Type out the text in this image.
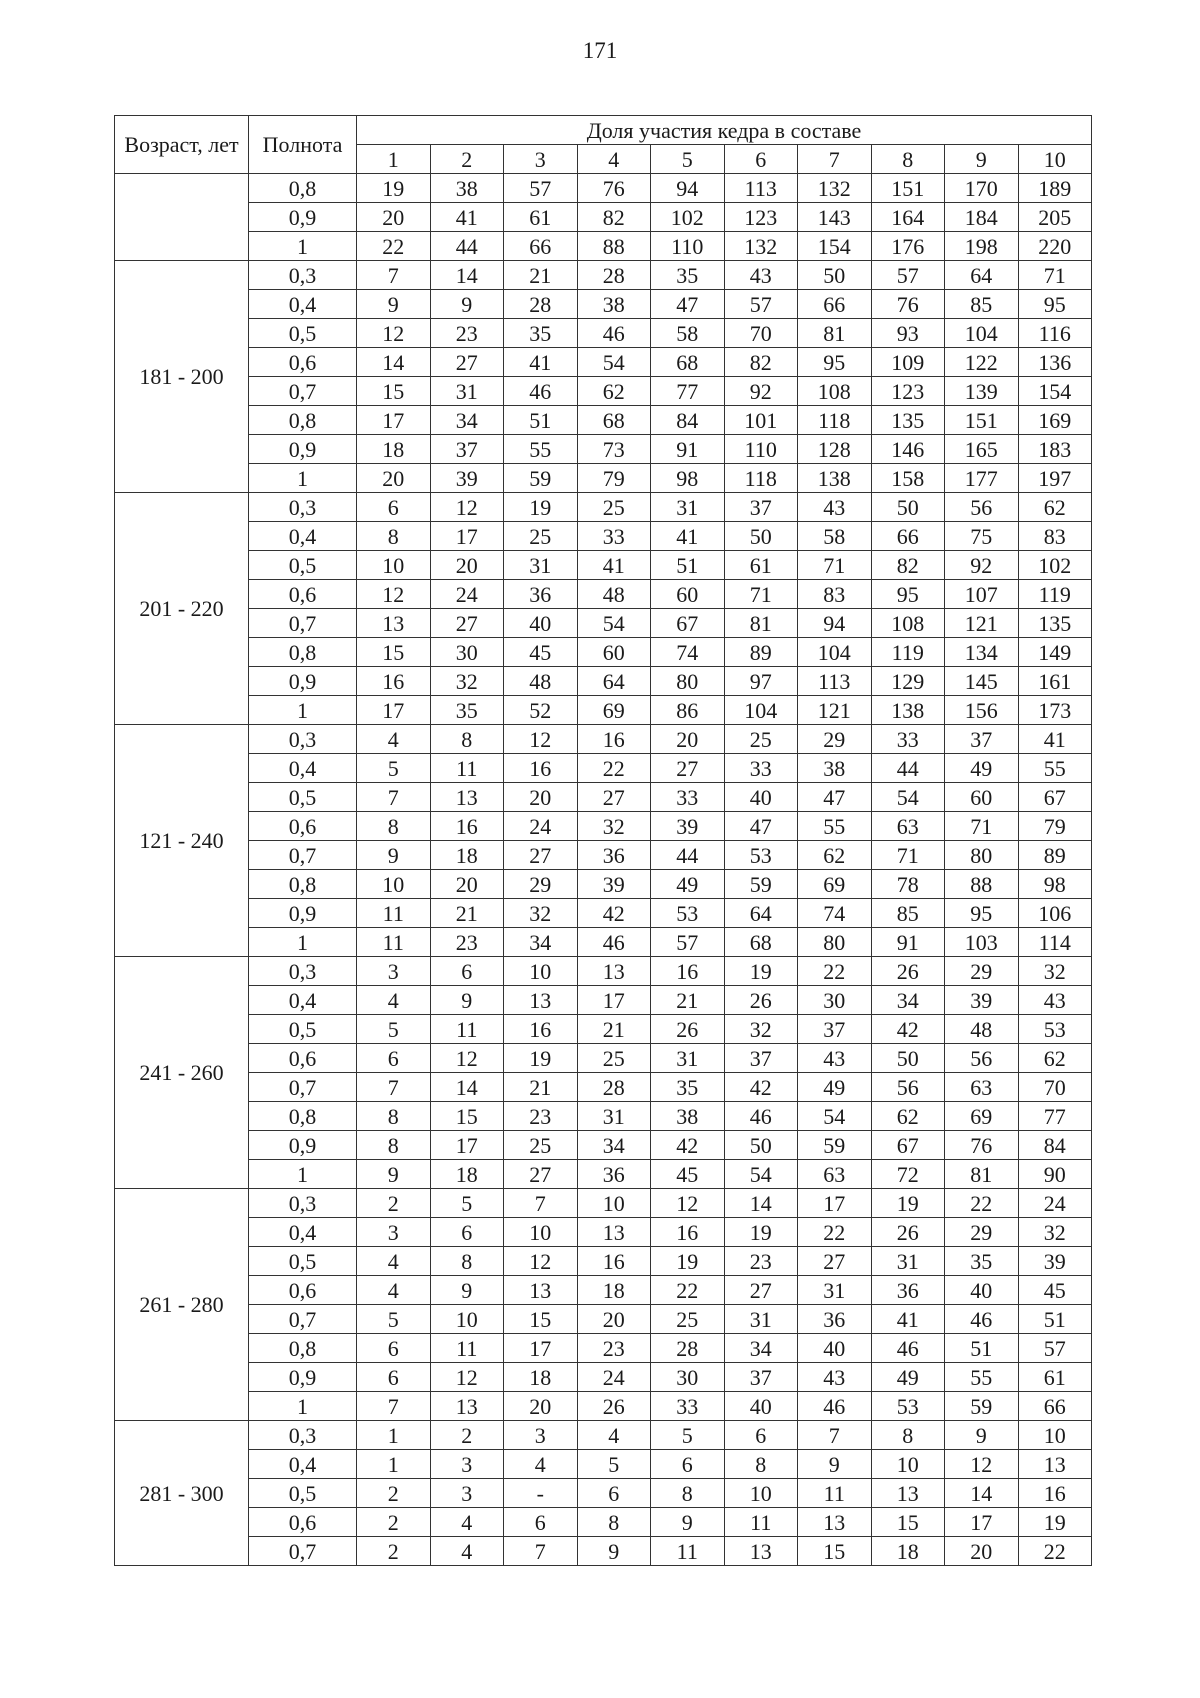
171
Возраст, лет	Полнота	Доля участия кедра в составе									
		1	2	3	4	5	6	7	8	9	10
	0,8	19	38	57	76	94	113	132	151	170	189
	0,9	20	41	61	82	102	123	143	164	184	205
	1	22	44	66	88	110	132	154	176	198	220
181 - 200	0,3	7	14	21	28	35	43	50	57	64	71
	0,4	9	9	28	38	47	57	66	76	85	95
	0,5	12	23	35	46	58	70	81	93	104	116
	0,6	14	27	41	54	68	82	95	109	122	136
	0,7	15	31	46	62	77	92	108	123	139	154
	0,8	17	34	51	68	84	101	118	135	151	169
	0,9	18	37	55	73	91	110	128	146	165	183
	1	20	39	59	79	98	118	138	158	177	197
201 - 220	0,3	6	12	19	25	31	37	43	50	56	62
	0,4	8	17	25	33	41	50	58	66	75	83
	0,5	10	20	31	41	51	61	71	82	92	102
	0,6	12	24	36	48	60	71	83	95	107	119
	0,7	13	27	40	54	67	81	94	108	121	135
	0,8	15	30	45	60	74	89	104	119	134	149
	0,9	16	32	48	64	80	97	113	129	145	161
	1	17	35	52	69	86	104	121	138	156	173
121 - 240	0,3	4	8	12	16	20	25	29	33	37	41
	0,4	5	11	16	22	27	33	38	44	49	55
	0,5	7	13	20	27	33	40	47	54	60	67
	0,6	8	16	24	32	39	47	55	63	71	79
	0,7	9	18	27	36	44	53	62	71	80	89
	0,8	10	20	29	39	49	59	69	78	88	98
	0,9	11	21	32	42	53	64	74	85	95	106
	1	11	23	34	46	57	68	80	91	103	114
241 - 260	0,3	3	6	10	13	16	19	22	26	29	32
	0,4	4	9	13	17	21	26	30	34	39	43
	0,5	5	11	16	21	26	32	37	42	48	53
	0,6	6	12	19	25	31	37	43	50	56	62
	0,7	7	14	21	28	35	42	49	56	63	70
	0,8	8	15	23	31	38	46	54	62	69	77
	0,9	8	17	25	34	42	50	59	67	76	84
	1	9	18	27	36	45	54	63	72	81	90
261 - 280	0,3	2	5	7	10	12	14	17	19	22	24
	0,4	3	6	10	13	16	19	22	26	29	32
	0,5	4	8	12	16	19	23	27	31	35	39
	0,6	4	9	13	18	22	27	31	36	40	45
	0,7	5	10	15	20	25	31	36	41	46	51
	0,8	6	11	17	23	28	34	40	46	51	57
	0,9	6	12	18	24	30	37	43	49	55	61
	1	7	13	20	26	33	40	46	53	59	66
281 - 300	0,3	1	2	3	4	5	6	7	8	9	10
	0,4	1	3	4	5	6	8	9	10	12	13
	0,5	2	3	-	6	8	10	11	13	14	16
	0,6	2	4	6	8	9	11	13	15	17	19
	0,7	2	4	7	9	11	13	15	18	20	22
